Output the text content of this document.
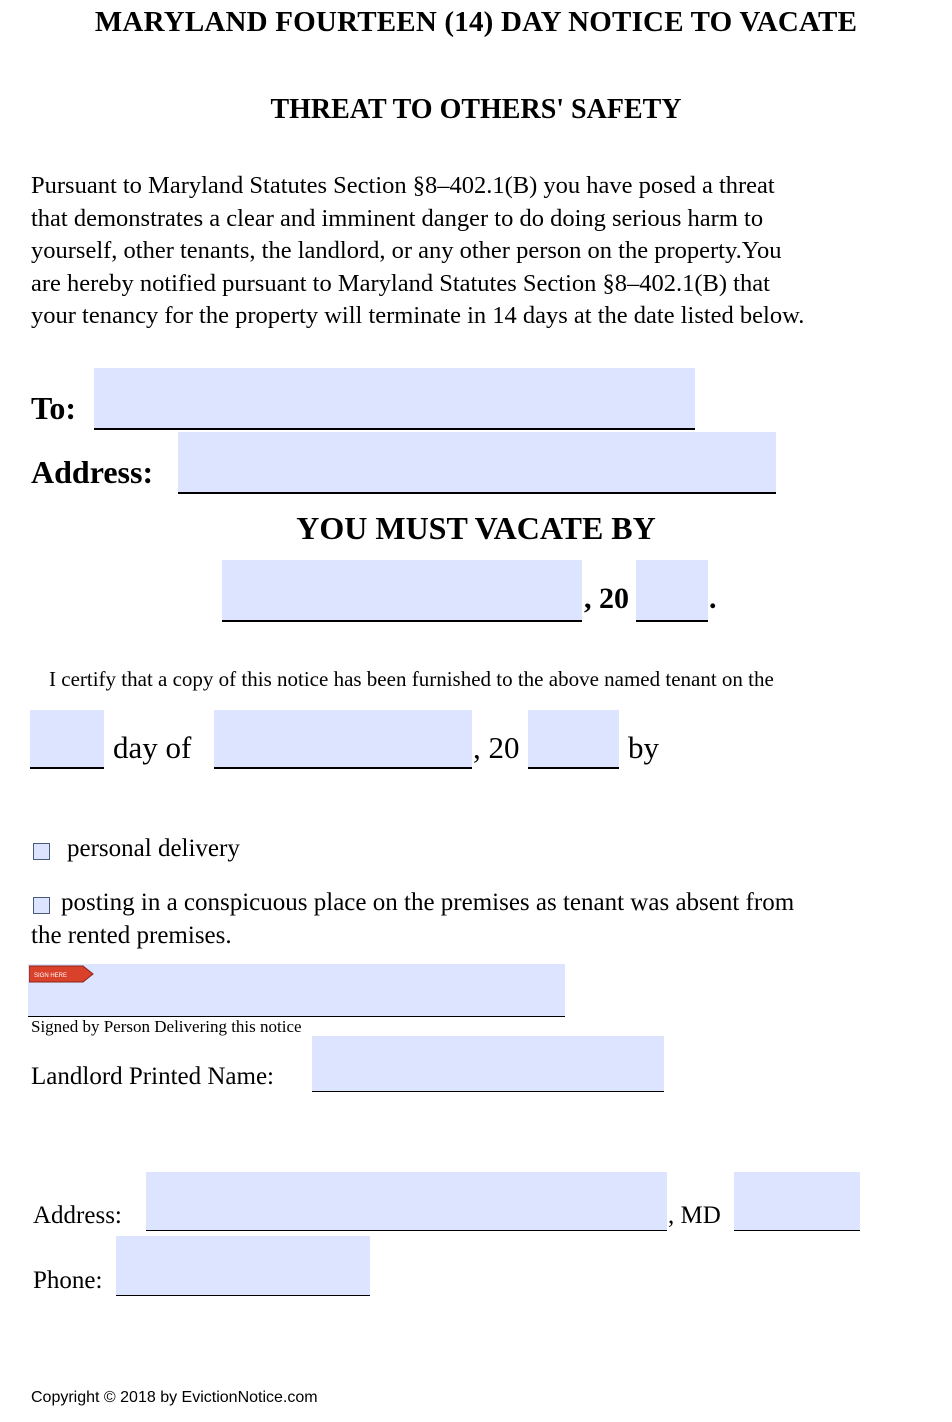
MARYLAND FOURTEEN (14) DAY NOTICE TO VACATE
THREAT TO OTHERS' SAFETY

Pursuant to Maryland Statutes Section §8–402.1(B) you have posed a threat

that demonstrates a clear and imminent danger to do doing serious harm to

yourself, other tenants, the landlord, or any other person on the property.You

are hereby notified pursuant to Maryland Statutes Section §8–402.1(B) that

your tenancy for the property will terminate in 14 days at the date listed below.

To:
Address:
YOU MUST VACATE BY
, 20	.
I certify that a copy of this notice has been furnished to the above named tenant on the
day of	, 20	by
personal delivery
posting in a conspicuous place on the premises as tenant was absent from
the rented premises.
SIGN HERE
Signed by Person Delivering this notice
Landlord Printed Name:
Address:	, MD
Phone:
Copyright © 2018 by EvictionNotice.com
